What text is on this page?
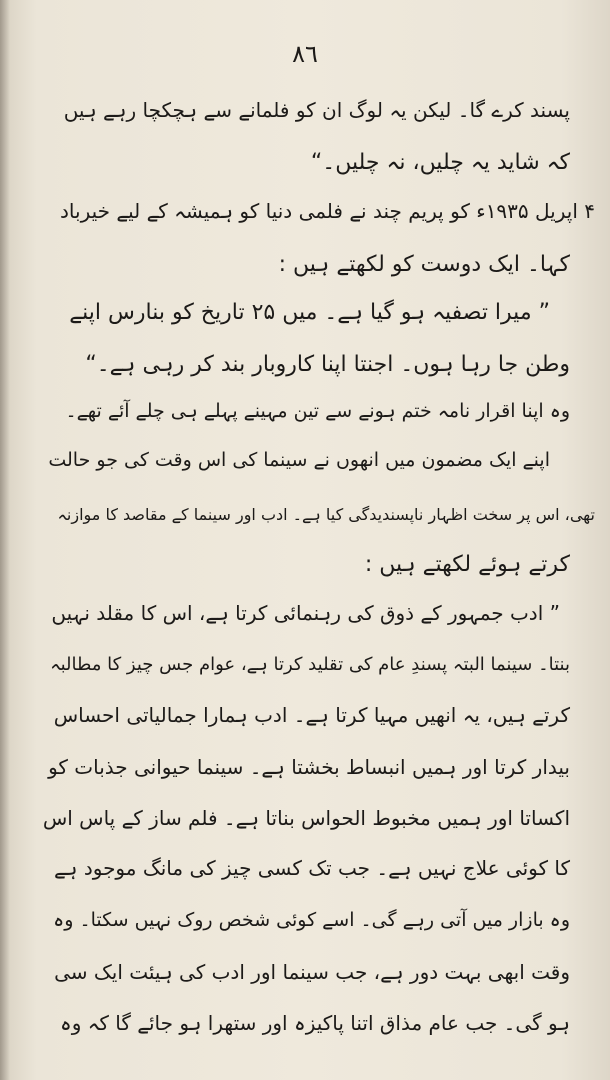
٨٦
پسند کرے گا۔ لیکن یہ لوگ ان کو فلمانے سے ہچکچا رہے ہیں
کہ شاید یہ چلیں، نہ چلیں۔“
۴ اپریل ۱۹۳۵ء کو پریم چند نے فلمی دنیا کو ہمیشہ کے لیے خیرباد
کہا۔ ایک دوست کو لکھتے ہیں :
” میرا تصفیہ ہو گیا ہے۔ میں ۲۵ تاریخ کو بنارس اپنے
وطن جا رہا ہوں۔ اجنتا اپنا کاروبار بند کر رہی ہے۔“
وہ اپنا اقرار نامہ ختم ہونے سے تین مہینے پہلے ہی چلے آئے تھے۔
اپنے ایک مضمون میں انھوں نے سینما کی اس وقت کی جو حالت
تھی، اس پر سخت اظہار ناپسندیدگی کیا ہے۔ ادب اور سینما کے مقاصد کا موازنہ
کرتے ہوئے لکھتے ہیں :
” ادب جمہور کے ذوق کی رہنمائی کرتا ہے، اس کا مقلد نہیں
بنتا۔ سینما البتہ پسندِ عام کی تقلید کرتا ہے، عوام جس چیز کا مطالبہ
کرتے ہیں، یہ انھیں مہیا کرتا ہے۔ ادب ہمارا جمالیاتی احساس
بیدار کرتا اور ہمیں انبساط بخشتا ہے۔ سینما حیوانی جذبات کو
اکساتا اور ہمیں مخبوط الحواس بناتا ہے۔ فلم ساز کے پاس اس
کا کوئی علاج نہیں ہے۔ جب تک کسی چیز کی مانگ موجود ہے
وہ بازار میں آتی رہے گی۔ اسے کوئی شخص روک نہیں سکتا۔ وہ
وقت ابھی بہت دور ہے، جب سینما اور ادب کی ہیئت ایک سی
ہو گی۔ جب عام مذاق اتنا پاکیزہ اور ستھرا ہو جائے گا کہ وہ
